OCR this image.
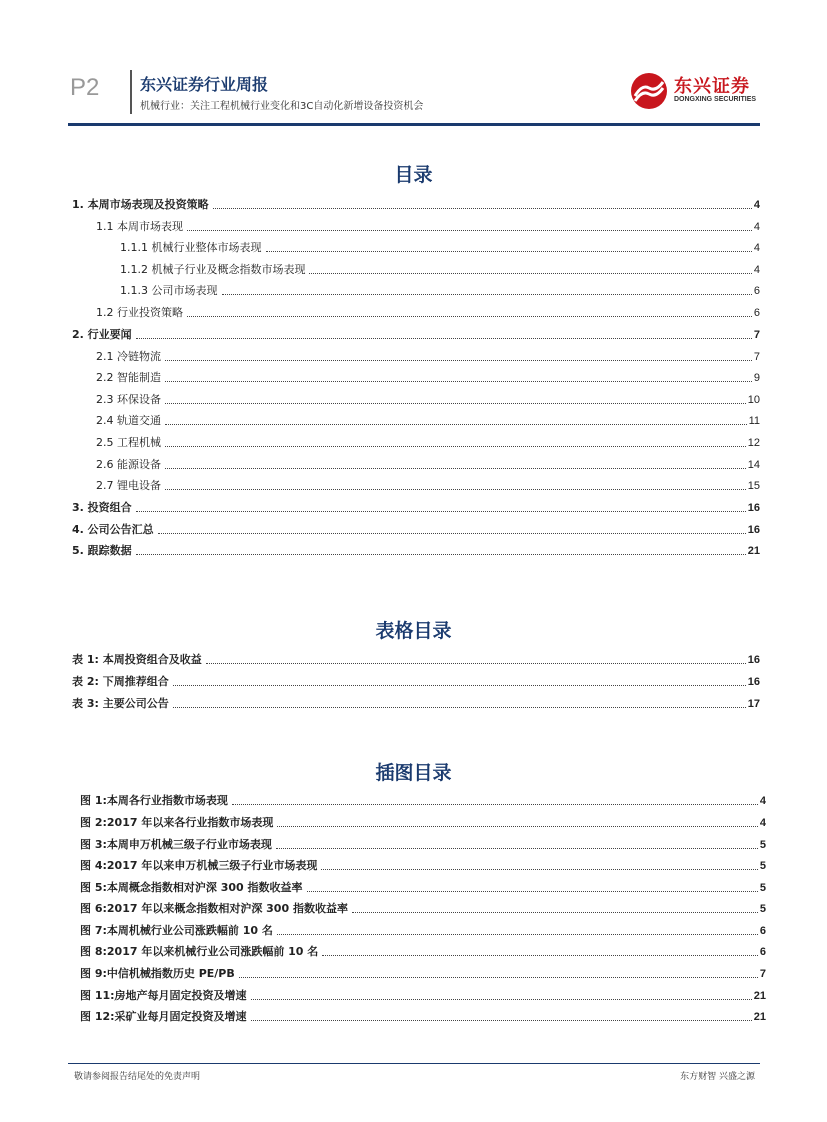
P2	东兴证券行业周报
机械行业：关注工程机械行业变化和3C自动化新增设备投资机会
东兴证券
DONGXING SECURITIES
目录
1. 本周市场表现及投资策略	4
1.1 本周市场表现	4
1.1.1 机械行业整体市场表现	4
1.1.2 机械子行业及概念指数市场表现	4
1.1.3 公司市场表现	6
1.2 行业投资策略	6
2. 行业要闻	7
2.1 冷链物流	7
2.2 智能制造	9
2.3 环保设备	10
2.4 轨道交通	11
2.5 工程机械	12
2.6 能源设备	14
2.7 锂电设备	15
3. 投资组合	16
4. 公司公告汇总	16
5. 跟踪数据	21
表格目录
表 1: 本周投资组合及收益	16
表 2: 下周推荐组合	16
表 3: 主要公司公告	17
插图目录
图 1:本周各行业指数市场表现	4
图 2:2017 年以来各行业指数市场表现	4
图 3:本周申万机械三级子行业市场表现	5
图 4:2017 年以来申万机械三级子行业市场表现	5
图 5:本周概念指数相对沪深 300 指数收益率	5
图 6:2017 年以来概念指数相对沪深 300 指数收益率	5
图 7:本周机械行业公司涨跌幅前 10 名	6
图 8:2017 年以来机械行业公司涨跌幅前 10 名	6
图 9:中信机械指数历史 PE/PB	7
图 11:房地产每月固定投资及增速	21
图 12:采矿业每月固定投资及增速	21
敬请参阅报告结尾处的免责声明	东方财智 兴盛之源
